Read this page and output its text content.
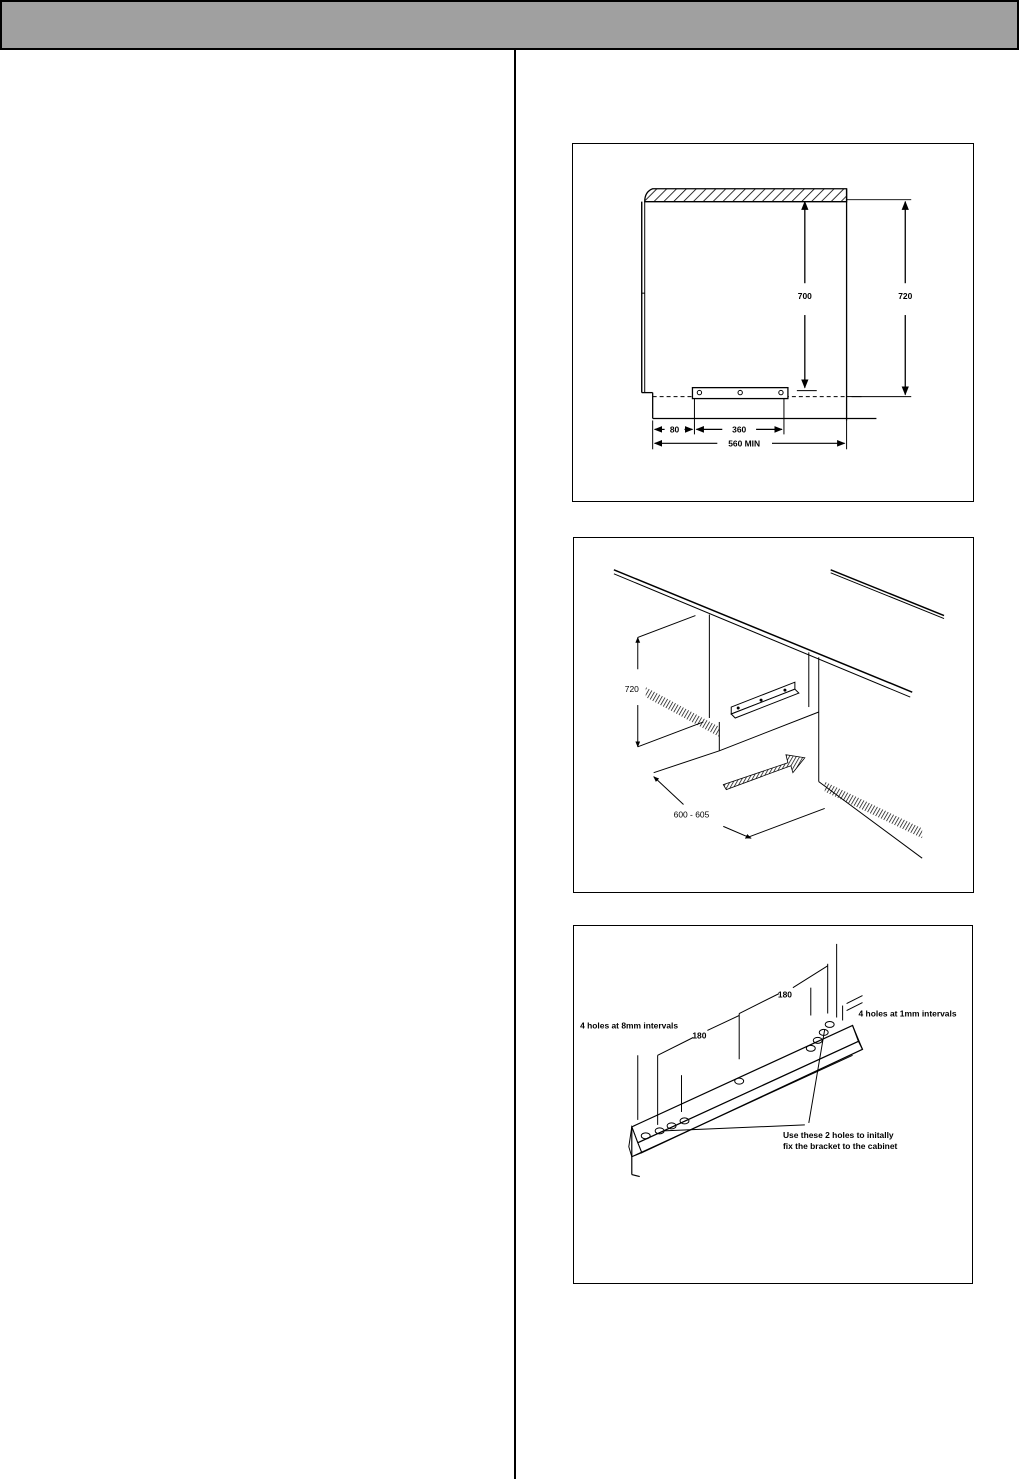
700	720
80	360
560 MIN
720
600 - 605
180
180
4 holes at 8mm intervals
4 holes at 1mm intervals
Use these 2 holes to initally
fix the bracket to the cabinet
